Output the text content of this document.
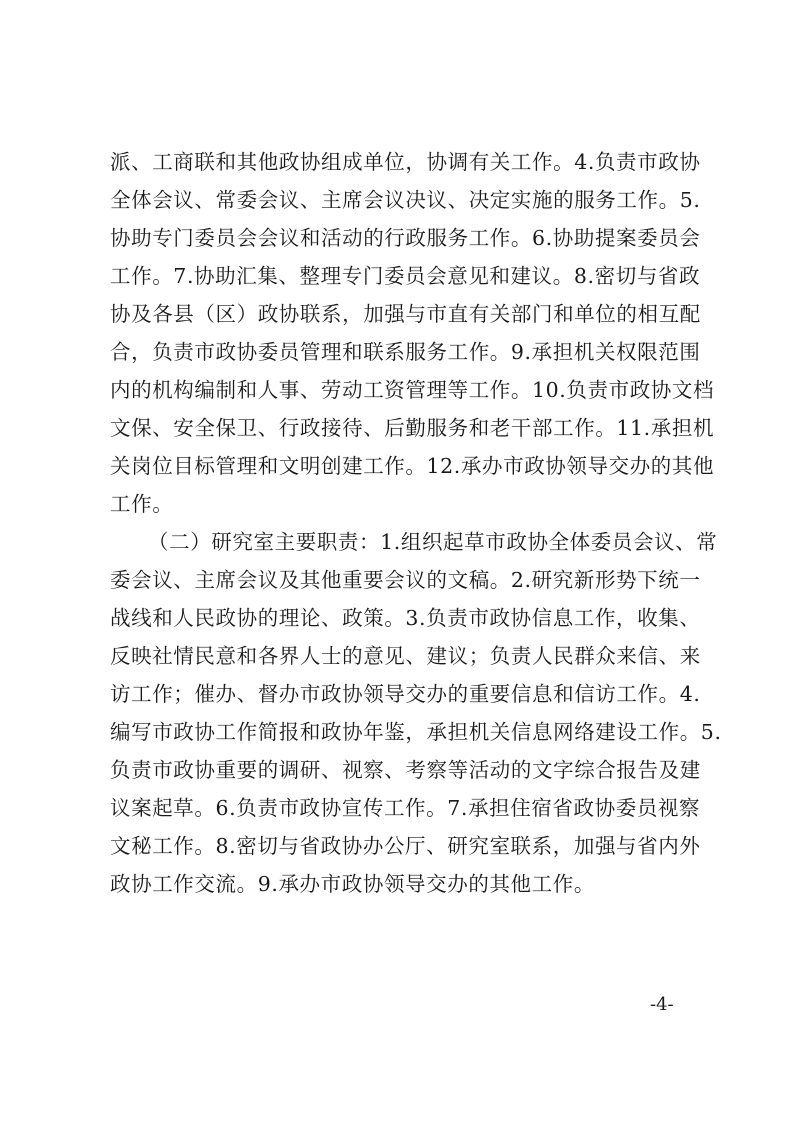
派、工商联和其他政协组成单位，协调有关工作。4.负责市政协
全体会议、常委会议、主席会议决议、决定实施的服务工作。5.
协助专门委员会会议和活动的行政服务工作。6.协助提案委员会
工作。7.协助汇集、整理专门委员会意见和建议。8.密切与省政
协及各县（区）政协联系，加强与市直有关部门和单位的相互配
合，负责市政协委员管理和联系服务工作。9.承担机关权限范围
内的机构编制和人事、劳动工资管理等工作。10.负责市政协文档
文保、安全保卫、行政接待、后勤服务和老干部工作。11.承担机
关岗位目标管理和文明创建工作。12.承办市政协领导交办的其他
工作。
（二）研究室主要职责：1.组织起草市政协全体委员会议、常
委会议、主席会议及其他重要会议的文稿。2.研究新形势下统一
战线和人民政协的理论、政策。3.负责市政协信息工作，收集、
反映社情民意和各界人士的意见、建议；负责人民群众来信、来
访工作；催办、督办市政协领导交办的重要信息和信访工作。4.
编写市政协工作简报和政协年鉴，承担机关信息网络建设工作。5.
负责市政协重要的调研、视察、考察等活动的文字综合报告及建
议案起草。6.负责市政协宣传工作。7.承担住宿省政协委员视察
文秘工作。8.密切与省政协办公厅、研究室联系，加强与省内外
政协工作交流。9.承办市政协领导交办的其他工作。
-4-
